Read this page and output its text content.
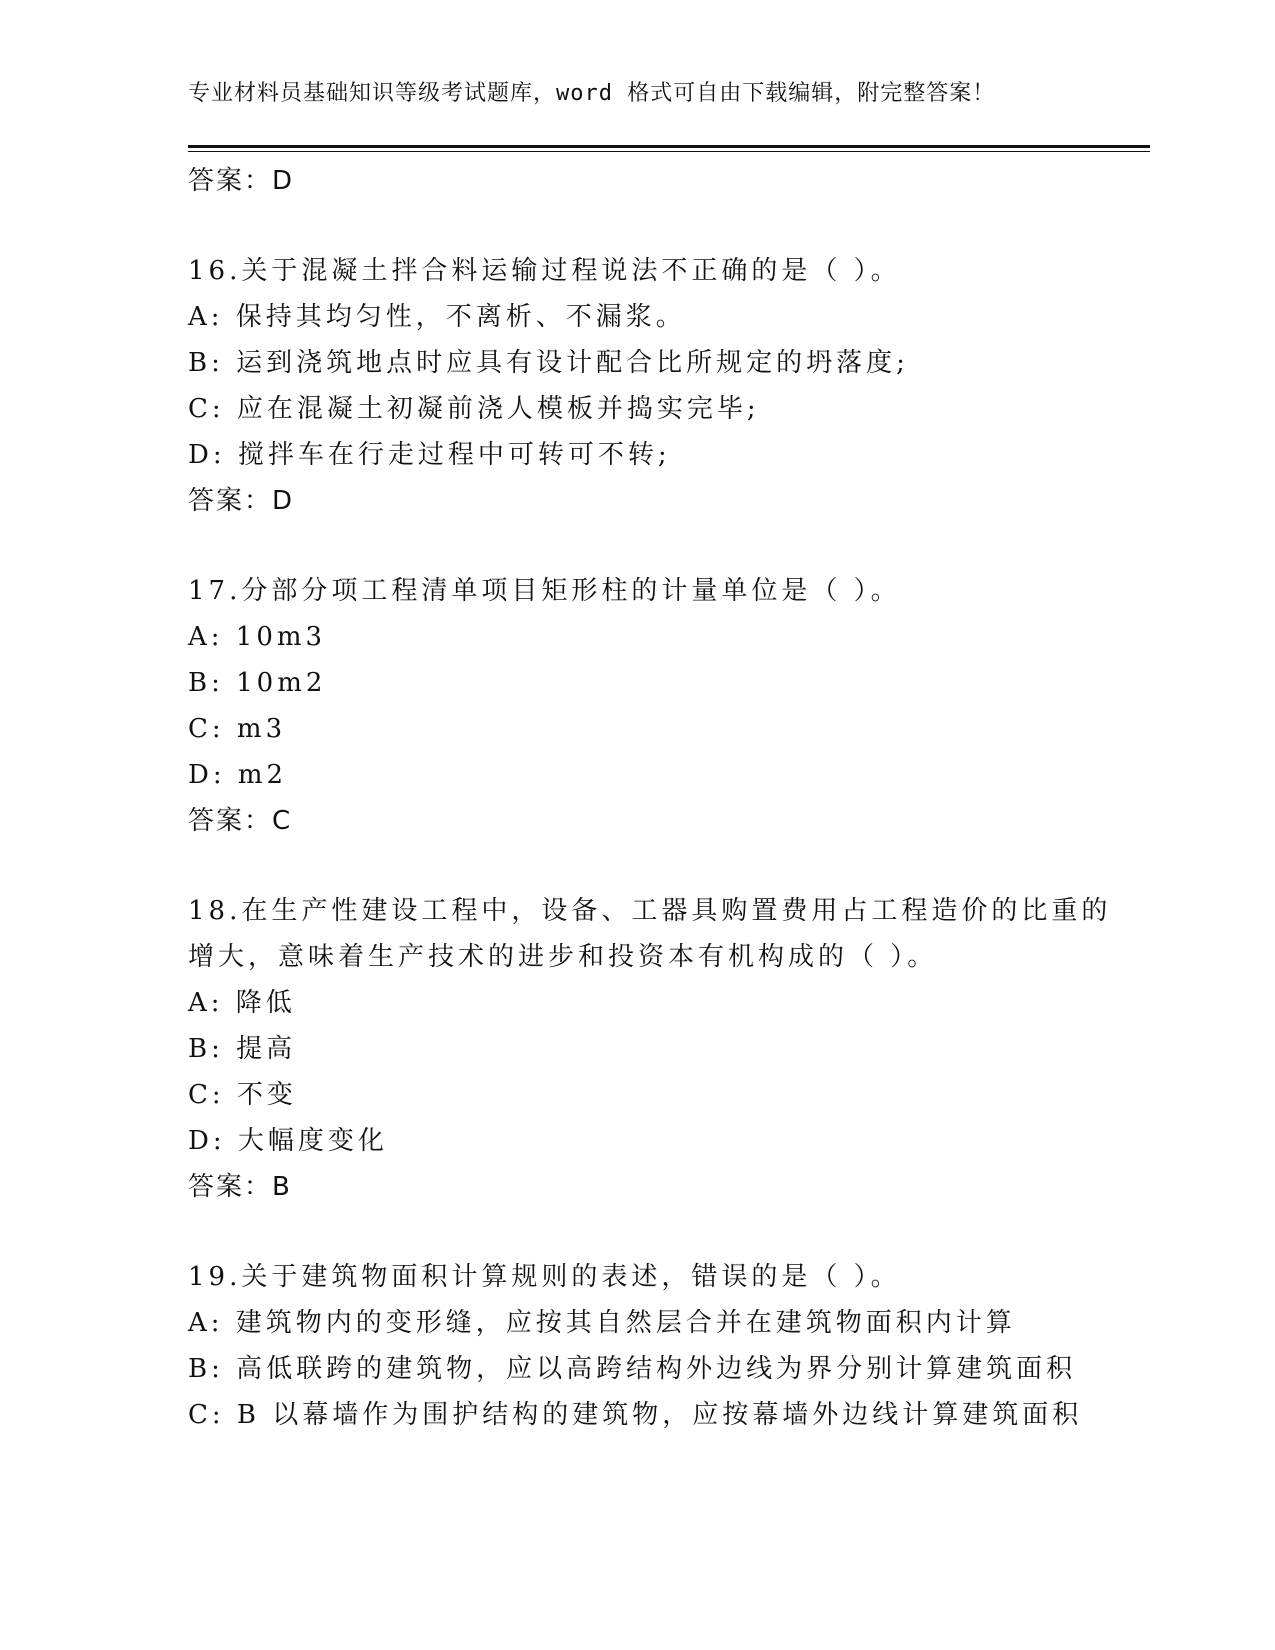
专业材料员基础知识等级考试题库，word 格式可自由下载编辑，附完整答案！
答案：D
16.关于混凝土拌合料运输过程说法不正确的是（ ）。
A: 保持其均匀性，不离析、不漏浆。
B: 运到浇筑地点时应具有设计配合比所规定的坍落度;
C: 应在混凝土初凝前浇人模板并捣实完毕;
D: 搅拌车在行走过程中可转可不转;
答案：D
17.分部分项工程清单项目矩形柱的计量单位是（ ）。
A: 10m3
B: 10m2
C: m3
D: m2
答案：C
18.在生产性建设工程中，设备、工器具购置费用占工程造价的比重的
增大，意味着生产技术的进步和投资本有机构成的（ ）。
A: 降低
B: 提高
C: 不变
D: 大幅度变化
答案：B
19.关于建筑物面积计算规则的表述，错误的是（ ）。
A: 建筑物内的变形缝，应按其自然层合并在建筑物面积内计算
B: 高低联跨的建筑物，应以高跨结构外边线为界分别计算建筑面积
C: B 以幕墙作为围护结构的建筑物，应按幕墙外边线计算建筑面积
